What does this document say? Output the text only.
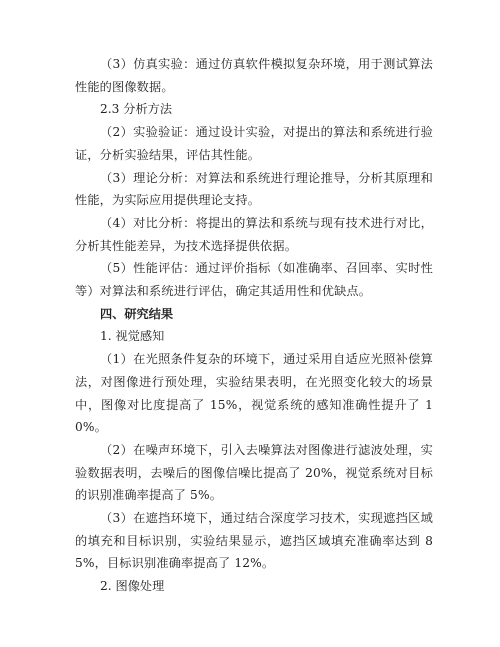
（3）仿真实验：通过仿真软件模拟复杂环境，用于测试算法性能的图像数据。

2.3 分析方法

（2）实验验证：通过设计实验，对提出的算法和系统进行验证，分析实验结果，评估其性能。

（3）理论分析：对算法和系统进行理论推导，分析其原理和性能，为实际应用提供理论支持。

（4）对比分析：将提出的算法和系统与现有技术进行对比，分析其性能差异，为技术选择提供依据。

（5）性能评估：通过评价指标（如准确率、召回率、实时性等）对算法和系统进行评估，确定其适用性和优缺点。

四、研究结果

1. 视觉感知

（1）在光照条件复杂的环境下，通过采用自适应光照补偿算法，对图像进行预处理，实验结果表明，在光照变化较大的场景中，图像对比度提高了 15%，视觉系统的感知准确性提升了 10%。

（2）在噪声环境下，引入去噪算法对图像进行滤波处理，实验数据表明，去噪后的图像信噪比提高了 20%，视觉系统对目标的识别准确率提高了 5%。

（3）在遮挡环境下，通过结合深度学习技术，实现遮挡区域的填充和目标识别，实验结果显示，遮挡区域填充准确率达到 85%，目标识别准确率提高了 12%。

2. 图像处理
